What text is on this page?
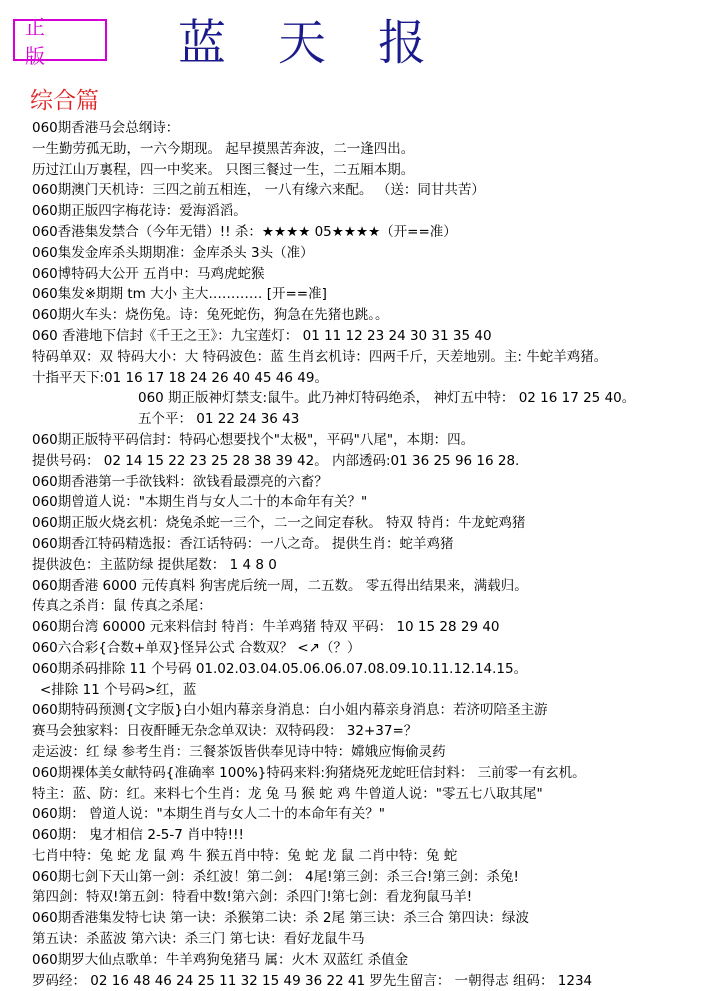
正 版	蓝天报
综合篇
060期香港马会总纲诗：
一生勤劳孤无助，一六今期现。 起早摸黑苦奔波，二一逢四出。
历过江山万裏程，四一中奖来。 只图三餐过一生，二五厢本期。
060期澳门天机诗：三四之前五相连， 一八有缘六来配。 （送：同甘共苦）
060期正版四字梅花诗：爱海滔滔。
060香港集发禁合（今年无错）!! 杀：★★★★ 05★★★★（开==准）
060集发金库杀头期期准：金库杀头 3头（准）
060博特码大公开 五肖中：马鸡虎蛇猴
060集发※期期 tm 大小 主大………… [开==准]
060期火车头：烧伤兔。诗：兔死蛇伤，狗急在先猪也跳。。
060 香港地下信封《千王之王》：九宝莲灯： 01 11 12 23 24 30 31 35 40
特码单双：双 特码大小：大 特码波色：蓝 生肖玄机诗：四两千斤，天差地别。主: 牛蛇羊鸡猪。
十指平天下:01 16 17 18 24 26 40 45 46 49。
060 期正版神灯禁支:鼠牛。此乃神灯特码绝杀， 神灯五中特： 02 16 17 25 40。
五个平： 01 22 24 36 43
060期正版特平码信封：特码心想要找个"太极"，平码"八尾"，本期：四。
提供号码： 02 14 15 22 23 25 28 38 39 42。 内部透码:01 36 25 96 16 28.
060期香港第一手欲钱料：欲钱看最漂亮的六畜？
060期曾道人说："本期生肖与女人二十的本命年有关？"
060期正版火烧玄机：烧兔杀蛇一三个，二一之间定春秋。 特双 特肖：牛龙蛇鸡猪
060期香江特码精选报：香江话特码：一八之奇。 提供生肖：蛇羊鸡猪
提供波色：主蓝防绿 提供尾数： 1 4 8 0
060期香港 6000 元传真料 狗害虎后统一周，二五数。 零五得出结果来，满载归。
传真之杀肖：鼠 传真之杀尾：
060期台湾 60000 元来料信封 特肖：牛羊鸡猪 特双 平码： 10 15 28 29 40
060六合彩{合数+单双}怪异公式 合数双？ <↗（？）
060期杀码排除 11 个号码 01.02.03.04.05.06.06.07.08.09.10.11.12.14.15。
<排除 11 个号码>红，蓝
060期特码预测{文字版}白小姐内幕亲身消息：白小姐内幕亲身消息：若济叨陪圣主游
赛马会独家料：日夜酐睡无杂念单双诀：双特码段： 32+37=？
走运波：红 绿 参考生肖：三餐茶饭皆供奉见诗中特：嫦娥应悔偷灵药
060期裸体美女献特码{准确率 100%}特码来料:狗猪烧死龙蛇旺信封料： 三前零一有玄机。
特主：蓝、防：红。来料七个生肖：龙 兔 马 猴 蛇 鸡 牛曾道人说："零五七八取其尾"
060期： 曾道人说："本期生肖与女人二十的本命年有关？"
060期： 鬼才相信 2-5-7 肖中特!!!
七肖中特：兔 蛇 龙 鼠 鸡 牛 猴五肖中特：兔 蛇 龙 鼠 二肖中特：兔 蛇
060期七剑下天山第一剑：杀红波！第二剑： 4尾!第三剑：杀三合!第三剑：杀兔!
第四剑：特双!第五剑：特看中数!第六剑：杀四门!第七剑：看龙狗鼠马羊!
060期香港集发特七诀 第一诀：杀猴第二诀：杀 2尾 第三诀：杀三合 第四诀：绿波
第五诀：杀蓝波 第六诀：杀三门 第七诀：看好龙鼠牛马
060期罗大仙点歌单：牛羊鸡狗兔猪马 属：火木 双蓝红 杀值金
罗码经： 02 16 48 46 24 25 11 32 15 49 36 22 41 罗先生留言： 一朝得志 组码： 1234
